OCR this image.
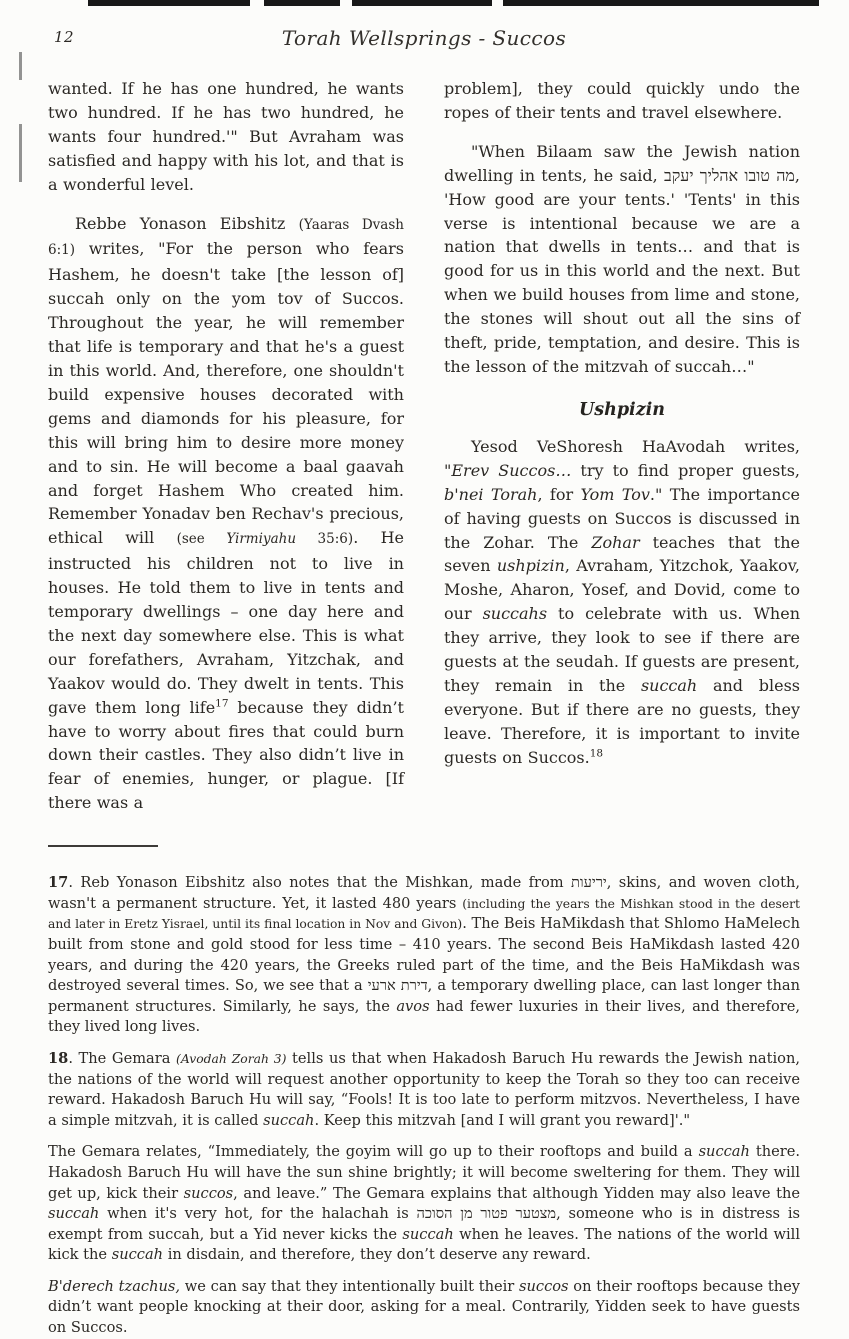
12	Torah Wellsprings - Succos

wanted. If he has one hundred, he wants two hundred. If he has two hundred, he wants four hundred.'" But Avraham was satisfied and happy with his lot, and that is a wonderful level.

Rebbe Yonason Eibshitz (Yaaras Dvash 6:1) writes, "For the person who fears Hashem, he doesn't take [the lesson of] succah only on the yom tov of Succos. Throughout the year, he will remember that life is temporary and that he's a guest in this world. And, therefore, one shouldn't build expensive houses decorated with gems and diamonds for his pleasure, for this will bring him to desire more money and to sin. He will become a baal gaavah and forget Hashem Who created him. Remember Yonadav ben Rechav's precious, ethical will (see Yirmiyahu 35:6). He instructed his children not to live in houses. He told them to live in tents and temporary dwellings – one day here and the next day somewhere else. This is what our forefathers, Avraham, Yitzchak, and Yaakov would do. They dwelt in tents. This gave them long life$^{17}$ because they didn’t have to worry about fires that could burn down their castles. They also didn’t live in fear of enemies, hunger, or plague. [If there was a

problem], they could quickly undo the ropes of their tents and travel elsewhere.

"When Bilaam saw the Jewish nation dwelling in tents, he said, מה טובו אהליך יעקב, 'How good are your tents.' 'Tents' in this verse is intentional because we are a nation that dwells in tents… and that is good for us in this world and the next. But when we build houses from lime and stone, the stones will shout out all the sins of theft, pride, temptation, and desire. This is the lesson of the mitzvah of succah…"

Ushpizin

Yesod VeShoresh HaAvodah writes, "Erev Succos… try to find proper guests, b'nei Torah, for Yom Tov." The importance of having guests on Succos is discussed in the Zohar. The Zohar teaches that the seven ushpizin, Avraham, Yitzchok, Yaakov, Moshe, Aharon, Yosef, and Dovid, come to our succahs to celebrate with us. When they arrive, they look to see if there are guests at the seudah. If guests are present, they remain in the succah and bless everyone. But if there are no guests, they leave. Therefore, it is important to invite guests on Succos.$^{18}$

17. Reb Yonason Eibshitz also notes that the Mishkan, made from יריעות, skins, and woven cloth, wasn't a permanent structure. Yet, it lasted 480 years (including the years the Mishkan stood in the desert and later in Eretz Yisrael, until its final location in Nov and Givon). The Beis HaMikdash that Shlomo HaMelech built from stone and gold stood for less time – 410 years. The second Beis HaMikdash lasted 420 years, and during the 420 years, the Greeks ruled part of the time, and the Beis HaMikdash was destroyed several times. So, we see that a דירת ארעי, a temporary dwelling place, can last longer than permanent structures. Similarly, he says, the avos had fewer luxuries in their lives, and therefore, they lived long lives.

18. The Gemara (Avodah Zorah 3) tells us that when Hakadosh Baruch Hu rewards the Jewish nation, the nations of the world will request another opportunity to keep the Torah so they too can receive reward. Hakadosh Baruch Hu will say, “Fools! It is too late to perform mitzvos. Nevertheless, I have a simple mitzvah, it is called succah. Keep this mitzvah [and I will grant you reward]'."

The Gemara relates, “Immediately, the goyim will go up to their rooftops and build a succah there. Hakadosh Baruch Hu will have the sun shine brightly; it will become sweltering for them. They will get up, kick their succos, and leave.” The Gemara explains that although Yidden may also leave the succah when it's very hot, for the halachah is מצטער פטור מן הסוכה, someone who is in distress is exempt from succah, but a Yid never kicks the succah when he leaves. The nations of the world will kick the succah in disdain, and therefore, they don’t deserve any reward.

B'derech tzachus, we can say that they intentionally built their succos on their rooftops because they didn’t want people knocking at their door, asking for a meal. Contrarily, Yidden seek to have guests on Succos.
